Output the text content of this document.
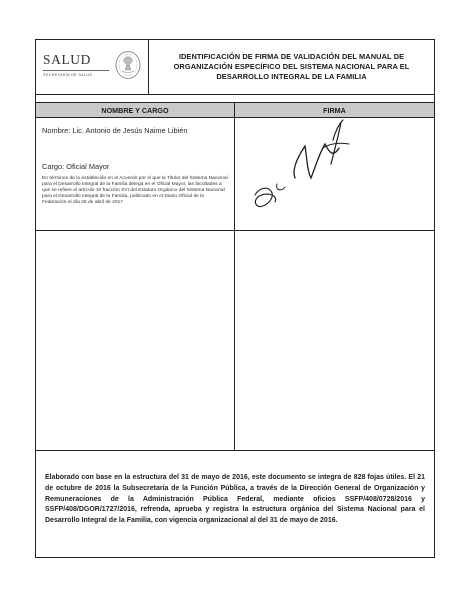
SALUD
SECRETARÍA DE SALUD

IDENTIFICACIÓN DE FIRMA DE VALIDACIÓN DEL MANUAL DE ORGANIZACIÓN ESPECÍFICO DEL SISTEMA NACIONAL PARA EL DESARROLLO INTEGRAL DE LA FAMILIA

NOMBRE Y CARGO	FIRMA

Nombre: Lic. Antonio de Jesús Naime Libién

Cargo: Oficial Mayor

En términos de lo establecido en el Acuerdo por el que la Titular del Sistema Nacional para el Desarrollo Integral de la Familia delega en el Oficial Mayor, las facultades a que se refiere el artículo 10 fracción XVI del Estatuto Orgánico del Sistema Nacional para el Desarrollo Integral de la Familia, publicado en el Diario Oficial de la Federación el día 26 de abril de 2017.

Elaborado con base en la estructura del 31 de mayo de 2016, este documento se integra de 828 fojas útiles. El 21 de octubre de 2016 la Subsecretaría de la Función Pública, a través de la Dirección General de Organización y Remuneraciones de la Administración Pública Federal, mediante oficios SSFP/408/0728/2016 y SSFP/408/DGOR/1727/2016, refrenda, aprueba y registra la estructura orgánica del Sistema Nacional para el Desarrollo Integral de la Familia, con vigencia organizacional al del 31 de mayo de 2016.
